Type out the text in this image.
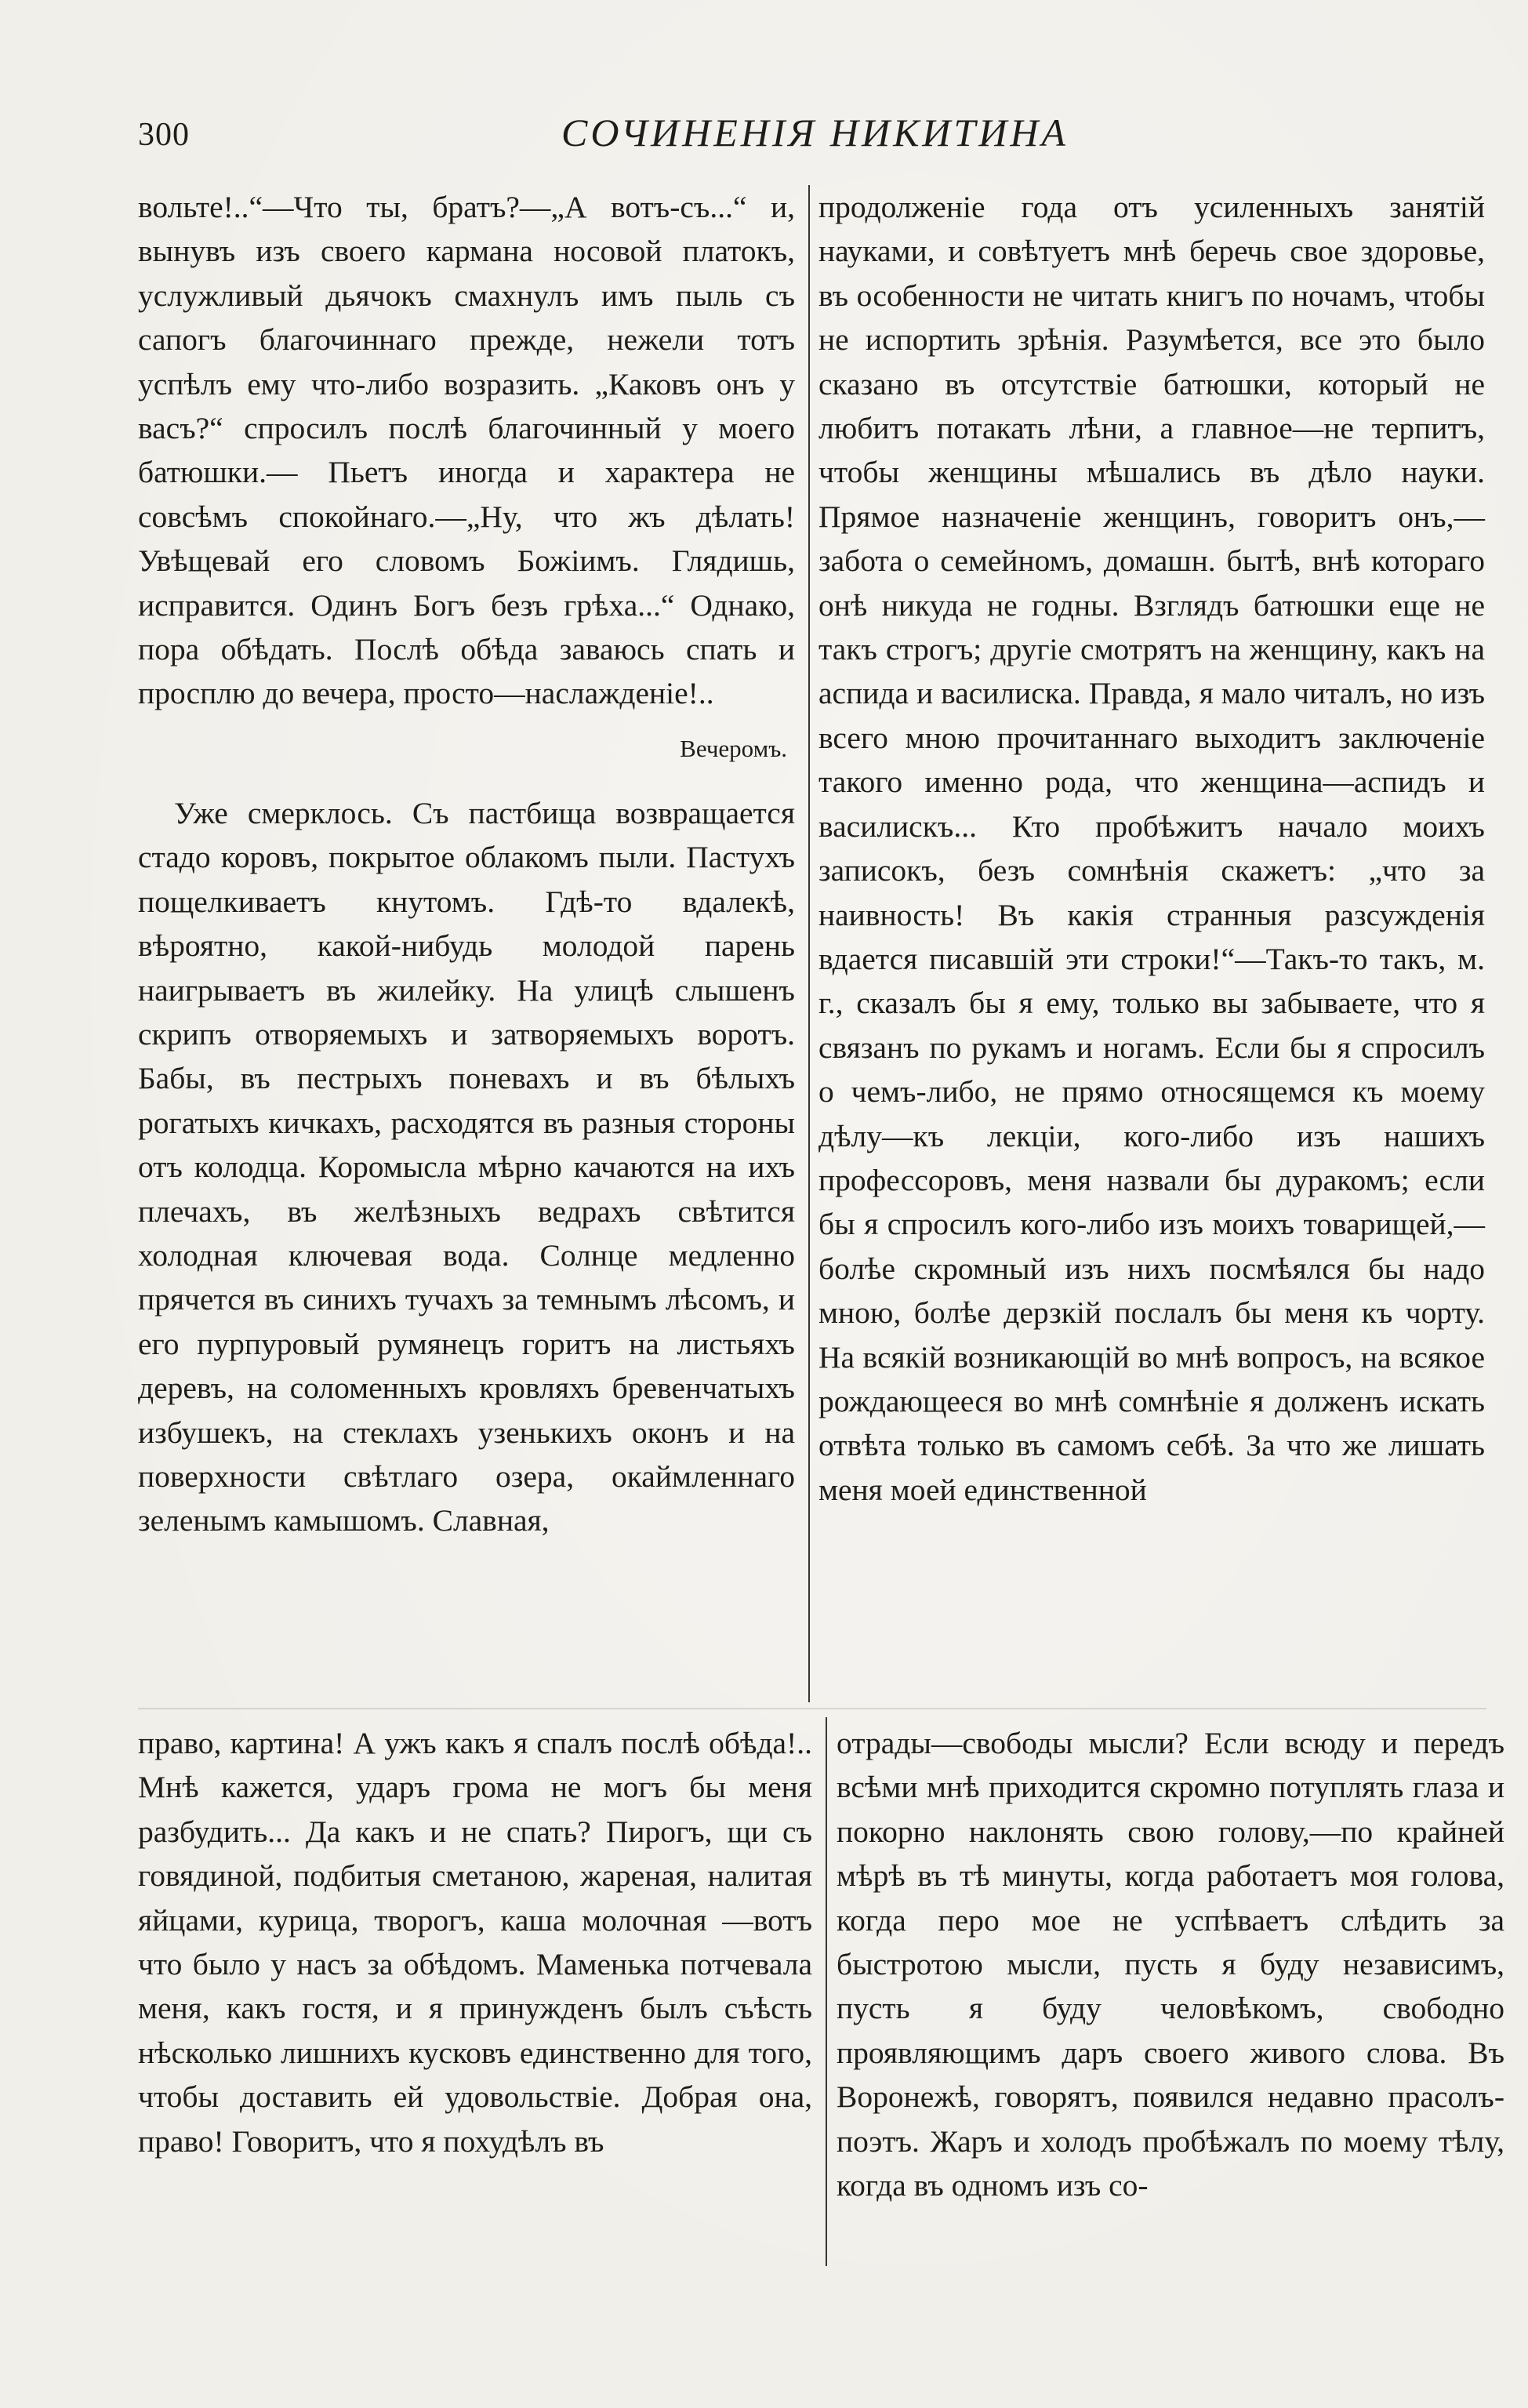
300	СОЧИНЕНІЯ НИКИТИНА

вольте!..“—Что ты, братъ?—„А вотъ-съ...“ и, вынувъ изъ своего кармана носовой платокъ, услужливый дьячокъ смахнулъ имъ пыль съ сапогъ благочиннаго прежде, нежели тотъ успѣлъ ему что-либо возразить. „Каковъ онъ у васъ?“ спросилъ послѣ благочинный у моего батюшки.— Пьетъ иногда и характера не совсѣмъ спокойнаго.—„Ну, что жъ дѣлать! Увѣщевай его словомъ Божіимъ. Глядишь, исправится. Одинъ Богъ безъ грѣха...“ Однако, пора обѣдать. Послѣ обѣда заваюсь спать и просплю до вечера, просто—наслажденіе!..

Вечеромъ.

Уже смерклось. Съ пастбища возвращается стадо коровъ, покрытое облакомъ пыли. Пастухъ пощелкиваетъ кнутомъ. Гдѣ-то вдалекѣ, вѣроятно, какой-нибудь молодой парень наигрываетъ въ жилейку. На улицѣ слышенъ скрипъ отворяемыхъ и затворяемыхъ воротъ. Бабы, въ пестрыхъ поневахъ и въ бѣлыхъ рогатыхъ кичкахъ, расходятся въ разныя стороны отъ колодца. Коромысла мѣрно качаются на ихъ плечахъ, въ желѣзныхъ ведрахъ свѣтится холодная ключевая вода. Солнце медленно прячется въ синихъ тучахъ за темнымъ лѣсомъ, и его пурпуровый румянецъ горитъ на листьяхъ деревъ, на соломенныхъ кровляхъ бревенчатыхъ избушекъ, на стеклахъ узенькихъ оконъ и на поверхности свѣтлаго озера, окаймленнаго зеленымъ камышомъ. Славная,

продолженіе года отъ усиленныхъ занятій науками, и совѣтуетъ мнѣ беречь свое здоровье, въ особенности не читать книгъ по ночамъ, чтобы не испортить зрѣнія. Разумѣется, все это было сказано въ отсутствіе батюшки, который не любитъ потакать лѣни, а главное—не терпитъ, чтобы женщины мѣшались въ дѣло науки. Прямое назначеніе женщинъ, говоритъ онъ,—забота о семейномъ, домашн. бытѣ, внѣ котораго онѣ никуда не годны. Взглядъ батюшки еще не такъ строгъ; другіе смотрятъ на женщину, какъ на аспида и василиска. Правда, я мало читалъ, но изъ всего мною прочитаннаго выходитъ заключеніе такого именно рода, что женщина—аспидъ и василискъ... Кто пробѣжитъ начало моихъ записокъ, безъ сомнѣнія скажетъ: „что за наивность! Въ какія странныя разсужденія вдается писавшій эти строки!“—Такъ-то такъ, м. г., сказалъ бы я ему, только вы забываете, что я связанъ по рукамъ и ногамъ. Если бы я спросилъ о чемъ-либо, не прямо относящемся къ моему дѣлу—къ лекціи, кого-либо изъ нашихъ профессоровъ, меня назвали бы дуракомъ; если бы я спросилъ кого-либо изъ моихъ товарищей,—болѣе скромный изъ нихъ посмѣялся бы надо мною, болѣе дерзкій послалъ бы меня къ чорту. На всякій возникающій во мнѣ вопросъ, на всякое рождающееся во мнѣ сомнѣніе я долженъ искать отвѣта только въ самомъ себѣ. За что же лишать меня моей единственной

право, картина! А ужъ какъ я спалъ послѣ обѣда!.. Мнѣ кажется, ударъ грома не могъ бы меня разбудить... Да какъ и не спать? Пирогъ, щи съ говядиной, подбитыя сметаною, жареная, налитая яйцами, курица, творогъ, каша молочная —вотъ что было у насъ за обѣдомъ. Маменька потчевала меня, какъ гостя, и я принужденъ былъ съѣсть нѣсколько лишнихъ кусковъ единственно для того, чтобы доставить ей удовольствіе. Добрая она, право! Говоритъ, что я похудѣлъ въ

отрады—свободы мысли? Если всюду и передъ всѣми мнѣ приходится скромно потуплять глаза и покорно наклонять свою голову,—по крайней мѣрѣ въ тѣ минуты, когда работаетъ моя голова, когда перо мое не успѣваетъ слѣдить за быстротою мысли, пусть я буду независимъ, пусть я буду человѣкомъ, свободно проявляющимъ даръ своего живого слова. Въ Воронежѣ, говорятъ, появился недавно прасолъ-поэтъ. Жаръ и холодъ пробѣжалъ по моему тѣлу, когда въ одномъ изъ со-
